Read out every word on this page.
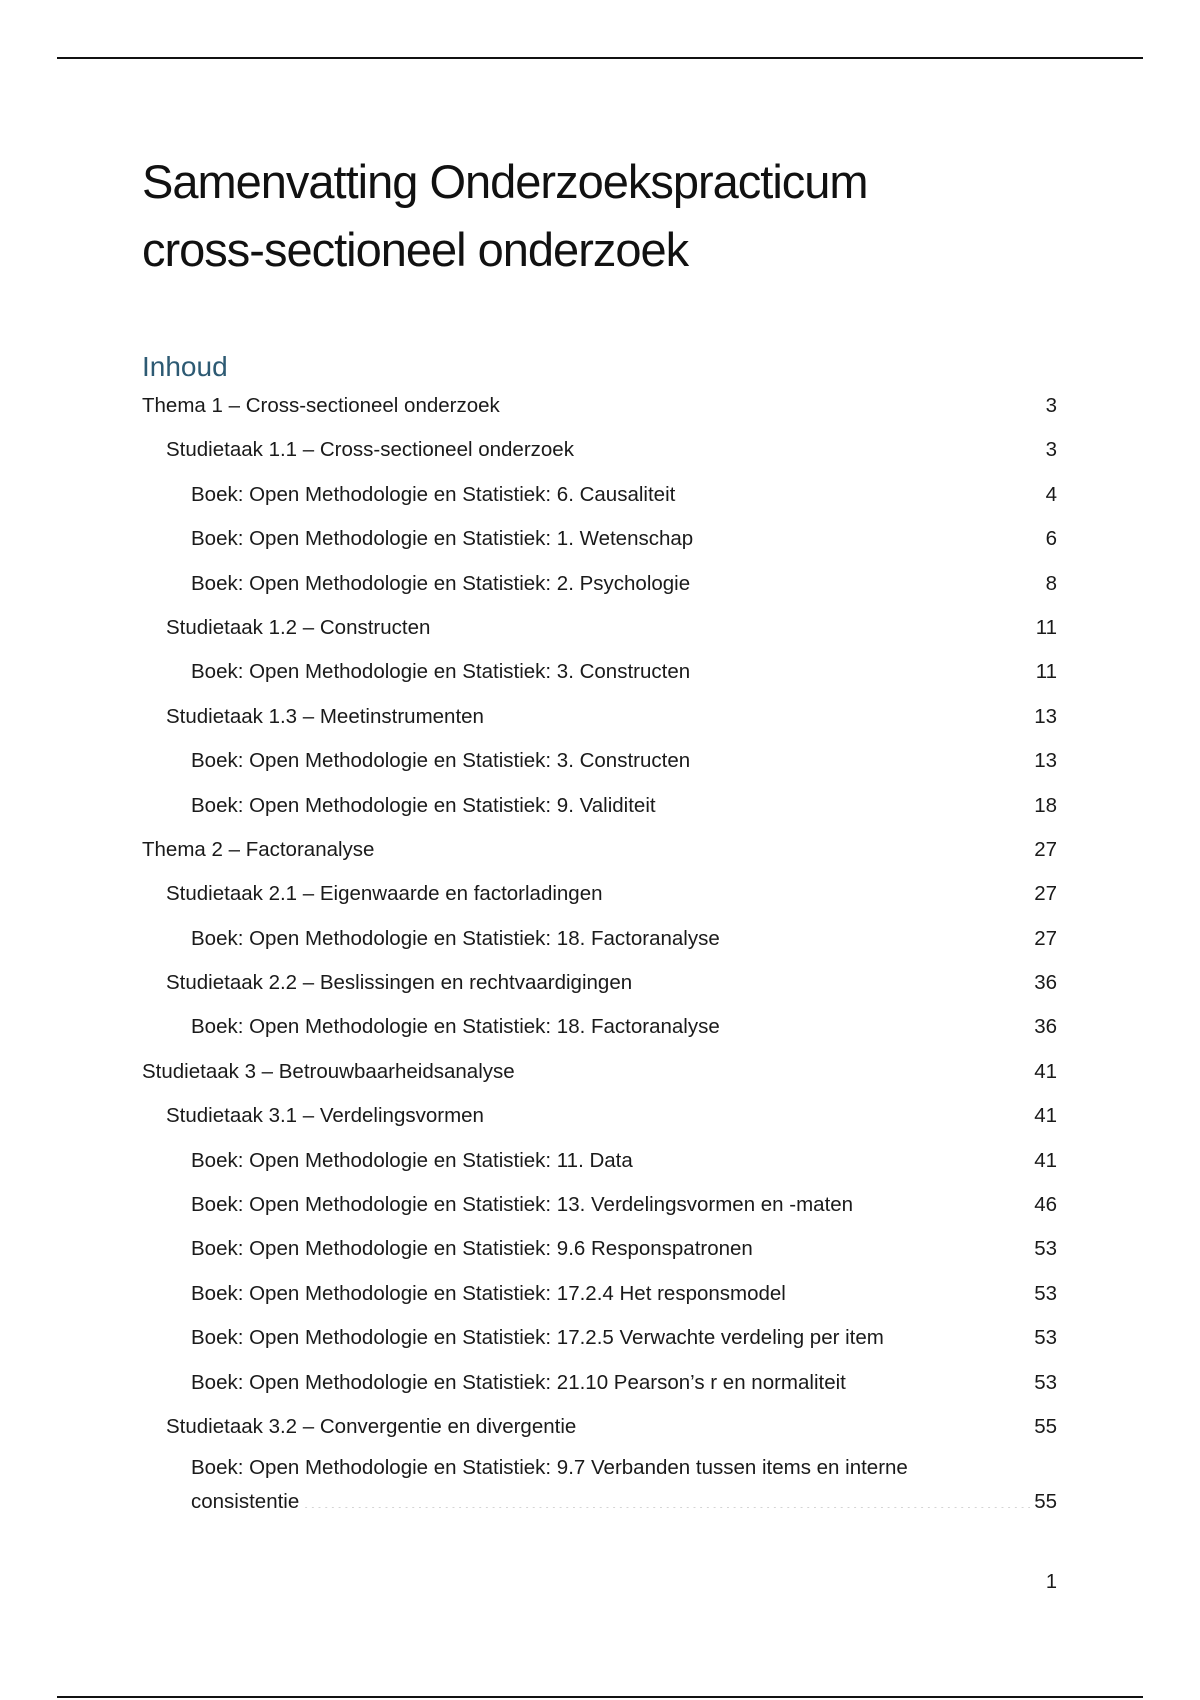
Samenvatting Onderzoekspracticum
cross-sectioneel onderzoek
Inhoud
Thema 1 – Cross-sectioneel onderzoek .....	3
Studietaak 1.1 – Cross-sectioneel onderzoek .....	3
Boek: Open Methodologie en Statistiek: 6. Causaliteit .....	4
Boek: Open Methodologie en Statistiek: 1. Wetenschap .....	6
Boek: Open Methodologie en Statistiek: 2. Psychologie .....	8
Studietaak 1.2 – Constructen .....	11
Boek: Open Methodologie en Statistiek: 3. Constructen .....	11
Studietaak 1.3 – Meetinstrumenten .....	13
Boek: Open Methodologie en Statistiek: 3. Constructen .....	13
Boek: Open Methodologie en Statistiek: 9. Validiteit .....	18
Thema 2 – Factoranalyse .....	27
Studietaak 2.1 – Eigenwaarde en factorladingen .....	27
Boek: Open Methodologie en Statistiek: 18. Factoranalyse .....	27
Studietaak 2.2 – Beslissingen en rechtvaardigingen .....	36
Boek: Open Methodologie en Statistiek: 18. Factoranalyse .....	36
Studietaak 3 – Betrouwbaarheidsanalyse .....	41
Studietaak 3.1 – Verdelingsvormen .....	41
Boek: Open Methodologie en Statistiek: 11. Data .....	41
Boek: Open Methodologie en Statistiek: 13. Verdelingsvormen en -maten .....	46
Boek: Open Methodologie en Statistiek: 9.6 Responspatronen .....	53
Boek: Open Methodologie en Statistiek: 17.2.4 Het responsmodel .....	53
Boek: Open Methodologie en Statistiek: 17.2.5 Verwachte verdeling per item .....	53
Boek: Open Methodologie en Statistiek: 21.10 Pearson’s r en normaliteit .....	53
Studietaak 3.2 – Convergentie en divergentie .....	55
Boek: Open Methodologie en Statistiek: 9.7 Verbanden tussen items en interne
consistentie .....	55
1
